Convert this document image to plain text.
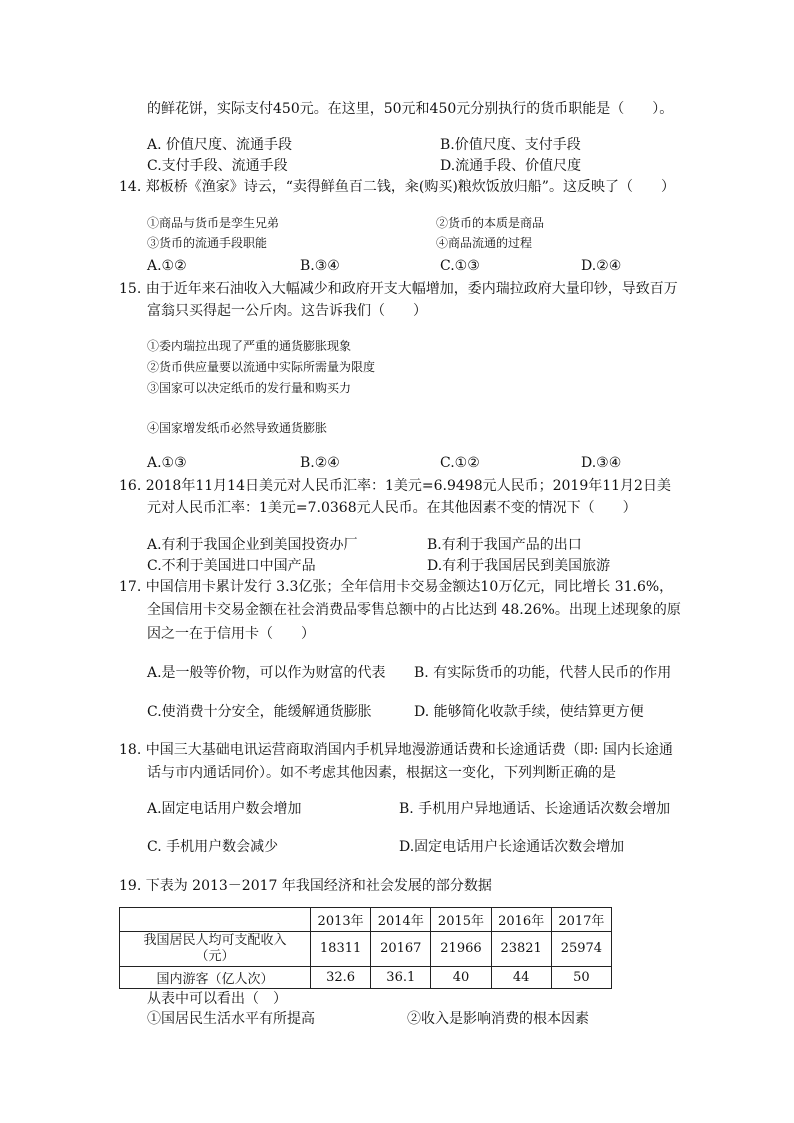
的鲜花饼，实际支付450元。在这里，50元和450元分别执行的货币职能是（　　）。
A. 价值尺度、流通手段	B.价值尺度、支付手段
C.支付手段、流通手段	D.流通手段、价值尺度
14. 郑板桥《渔家》诗云，“卖得鲜鱼百二钱，籴(购买)粮炊饭放归船”。这反映了（　　）
①商品与货币是孪生兄弟	②货币的本质是商品
③货币的流通手段职能	④商品流通的过程
A.①②	B.③④	C.①③	D.②④
15. 由于近年来石油收入大幅减少和政府开支大幅增加，委内瑞拉政府大量印钞，导致百万
富翁只买得起一公斤肉。这告诉我们（　　）
①委内瑞拉出现了严重的通货膨胀现象
②货币供应量要以流通中实际所需量为限度
③国家可以决定纸币的发行量和购买力
④国家增发纸币必然导致通货膨胀
A.①③	B.②④	C.①②	D.③④
16. 2018年11月14日美元对人民币汇率：1美元=6.9498元人民币；2019年11月2日美
元对人民币汇率：1美元=7.0368元人民币。在其他因素不变的情况下（　　）
A.有利于我国企业到美国投资办厂	B.有利于我国产品的出口
C.不利于美国进口中国产品	D.有利于我国居民到美国旅游
17. 中国信用卡累计发行 3.3亿张；全年信用卡交易金额达10万亿元，同比增长 31.6%，
全国信用卡交易金额在社会消费品零售总额中的占比达到 48.26%。出现上述现象的原
因之一在于信用卡（　　）
A.是一般等价物，可以作为财富的代表 B. 有实际货币的功能，代替人民币的作用
C.使消费十分安全，能缓解通货膨胀	D. 能够简化收款手续，使结算更方便
18. 中国三大基础电讯运营商取消国内手机异地漫游通话费和长途通话费（即: 国内长途通
话与市内通话同价）。如不考虑其他因素，根据这一变化，下列判断正确的是
A.固定电话用户数会增加	B. 手机用户异地通话、长途通话次数会增加
C. 手机用户数会减少	D.固定电话用户长途通话次数会增加
19. 下表为 2013－2017 年我国经济和社会发展的部分数据
	2013年	2014年	2015年	2016年	2017年

我国居民人均可支配收入
（元）	18311	20167	21966	23821	25974
国内游客（亿人次）	32.6	36.1	40	44	50
从表中可以看出（　）
①国居民生活水平有所提高	②收入是影响消费的根本因素
